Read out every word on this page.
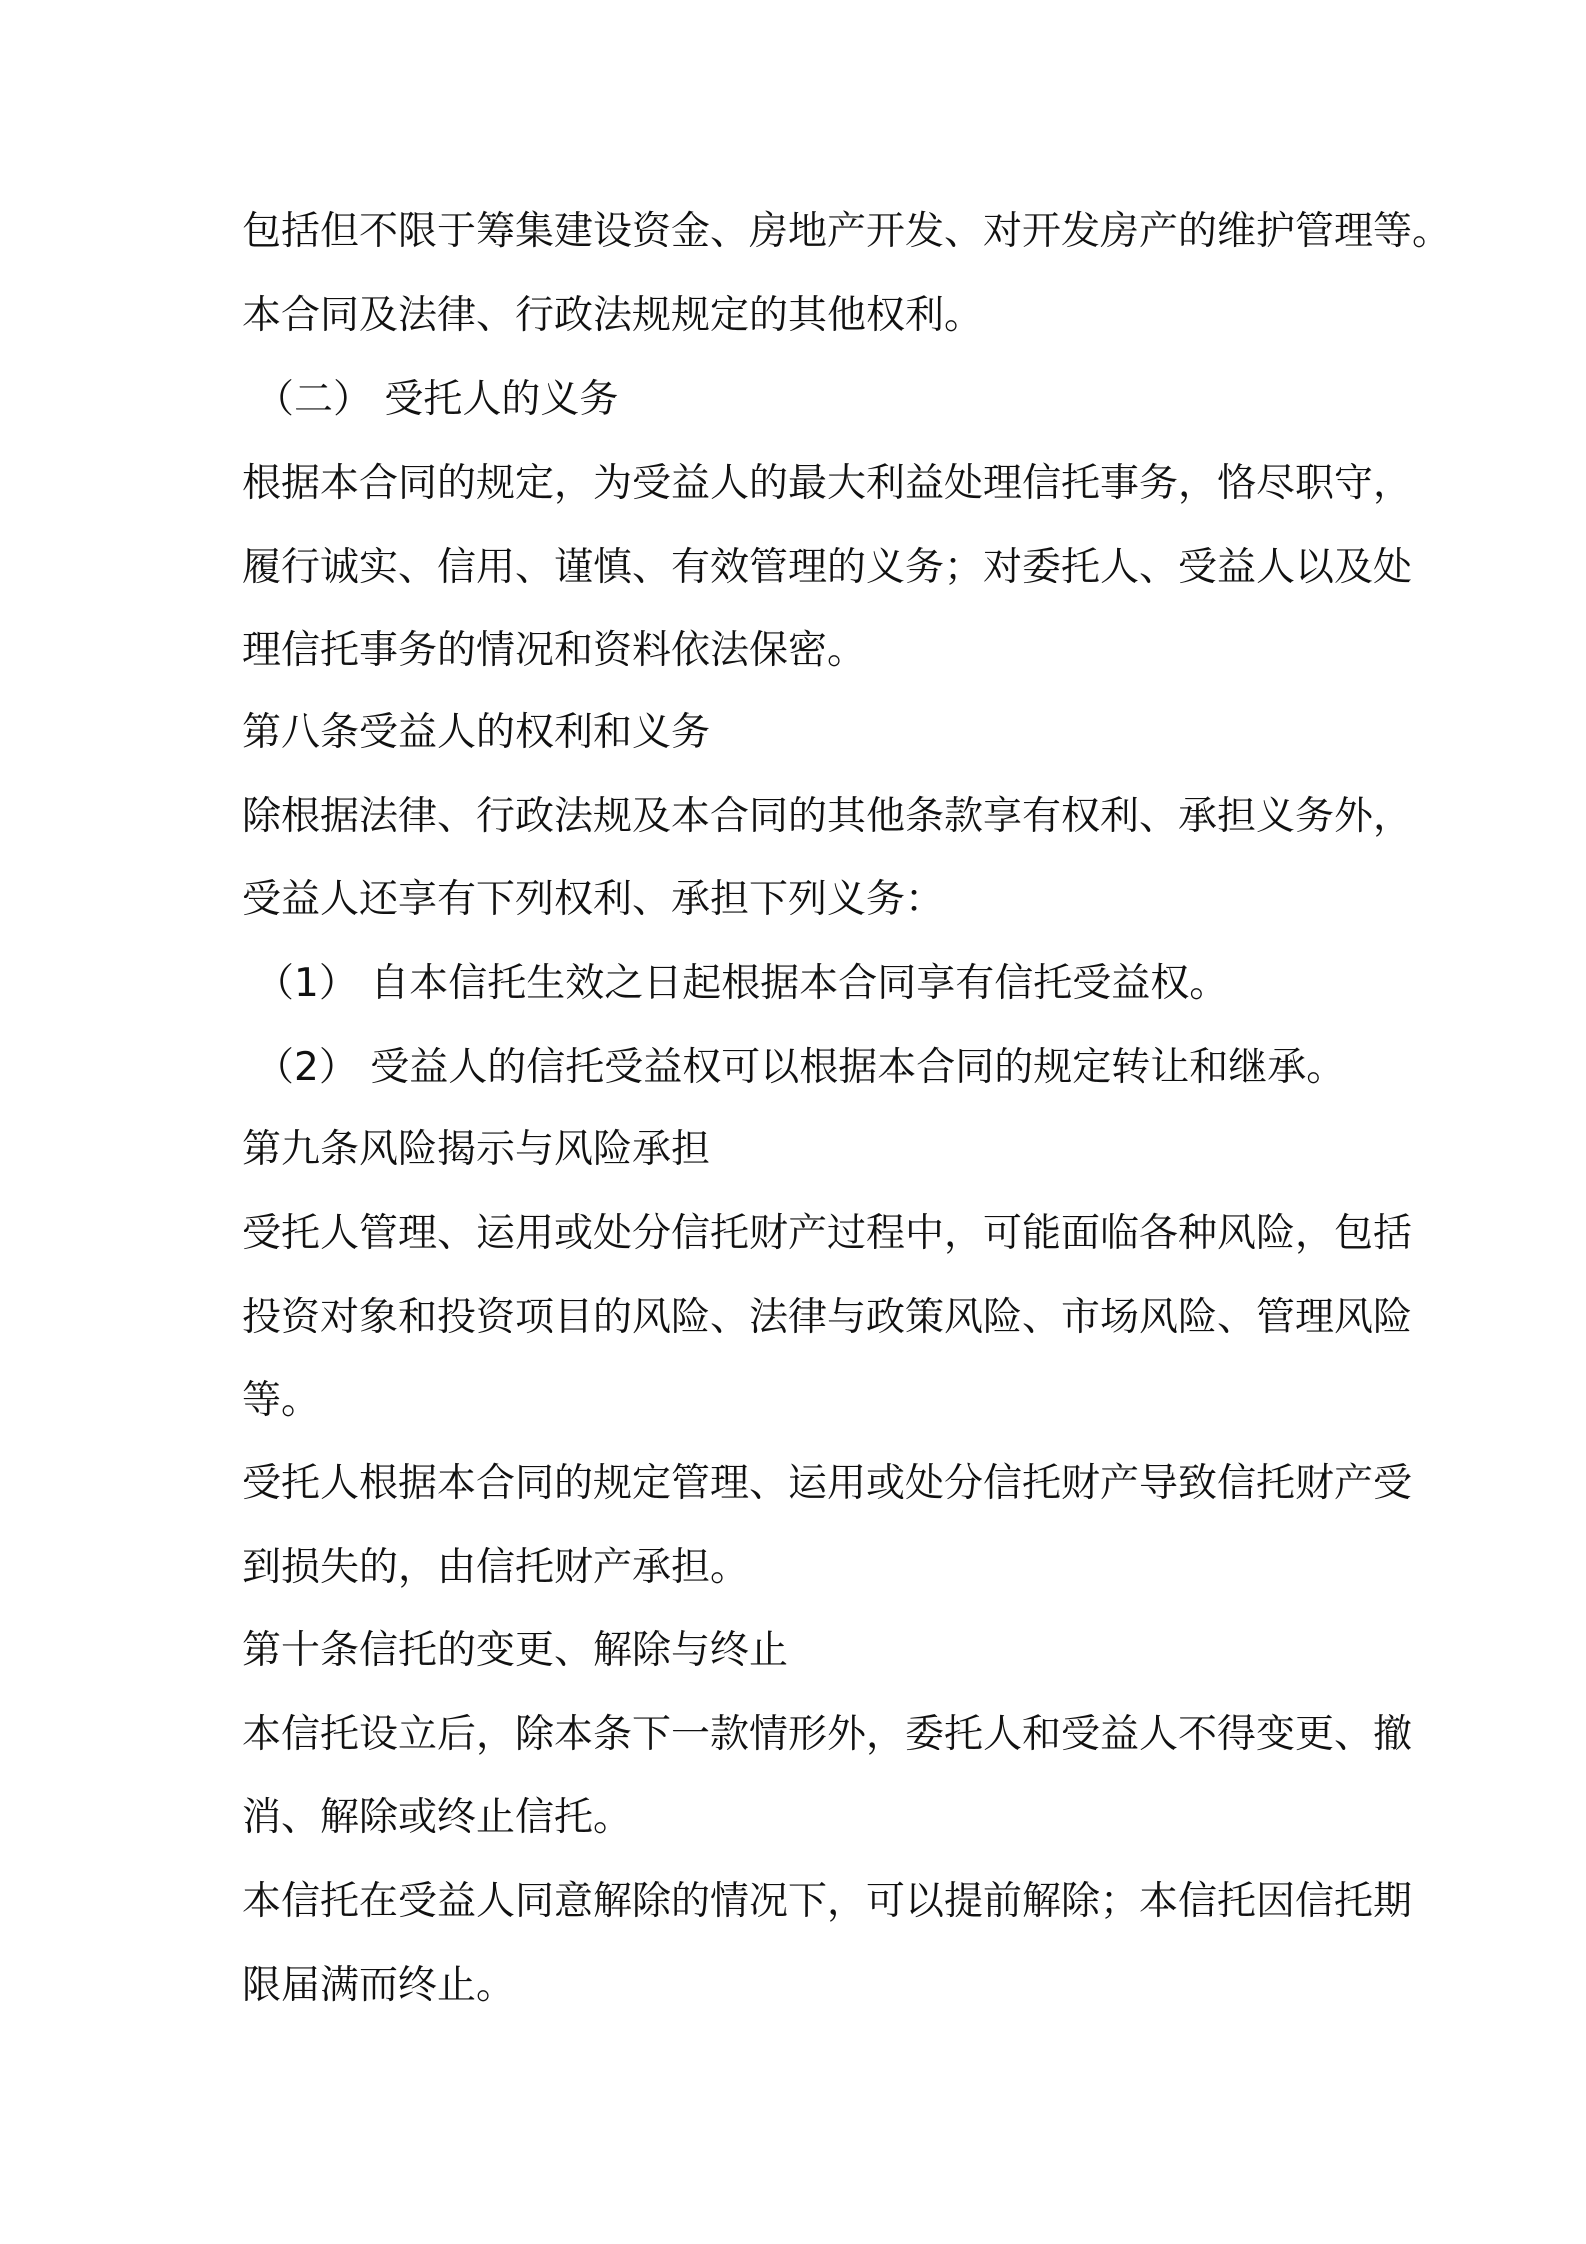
包括但不限于筹集建设资金、房地产开发、对开发房产的维护管理等。
本合同及法律、行政法规规定的其他权利。
（二） 受托人的义务
根据本合同的规定，为受益人的最大利益处理信托事务，恪尽职守，
履行诚实、信用、谨慎、有效管理的义务；对委托人、受益人以及处
理信托事务的情况和资料依法保密。
第八条受益人的权利和义务
除根据法律、行政法规及本合同的其他条款享有权利、承担义务外，
受益人还享有下列权利、承担下列义务：
（1） 自本信托生效之日起根据本合同享有信托受益权。
（2） 受益人的信托受益权可以根据本合同的规定转让和继承。
第九条风险揭示与风险承担
受托人管理、运用或处分信托财产过程中，可能面临各种风险，包括
投资对象和投资项目的风险、法律与政策风险、市场风险、管理风险
等。
受托人根据本合同的规定管理、运用或处分信托财产导致信托财产受
到损失的，由信托财产承担。
第十条信托的变更、解除与终止
本信托设立后，除本条下一款情形外，委托人和受益人不得变更、撤
消、解除或终止信托。
本信托在受益人同意解除的情况下，可以提前解除；本信托因信托期
限届满而终止。
